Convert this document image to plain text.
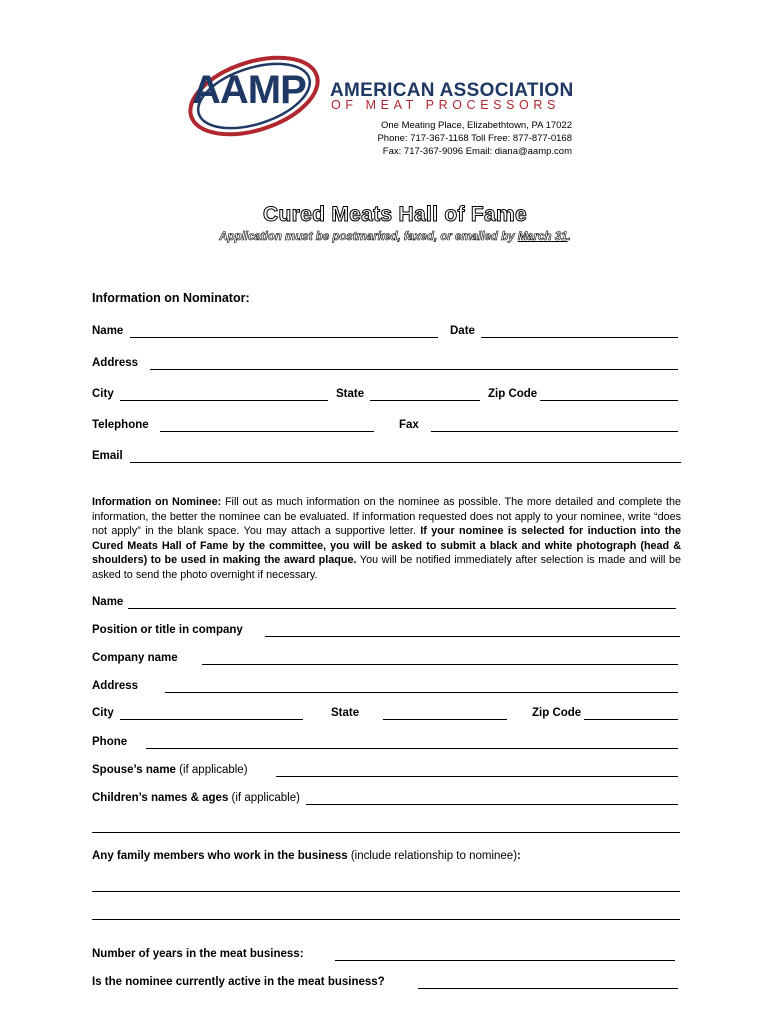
AAMP AMERICAN ASSOCIATION
OF MEAT PROCESSORS
One Meating Place, Elizabethtown, PA 17022
Phone: 717-367-1168 Toll Free: 877-877-0168
Fax: 717-367-9096 Email: diana@aamp.com
Cured Meats Hall of Fame
Application must be postmarked, faxed, or emailed by March 31.
Information on Nominator:
Name	Date
Address
City	State	Zip Code
Telephone	Fax
Email
Information on Nominee: Fill out as much information on the nominee as possible. The more detailed and complete the information, the better the nominee can be evaluated. If information requested does not apply to your nominee, write “does not apply” in the blank space. You may attach a supportive letter. If your nominee is selected for induction into the Cured Meats Hall of Fame by the committee, you will be asked to submit a black and white photograph (head & shoulders) to be used in making the award plaque. You will be notified immediately after selection is made and will be asked to send the photo overnight if necessary.
Name
Position or title in company
Company name
Address
City	State	Zip Code
Phone
Spouse’s name (if applicable)
Children’s names & ages (if applicable)
Any family members who work in the business (include relationship to nominee):
Number of years in the meat business:
Is the nominee currently active in the meat business?
